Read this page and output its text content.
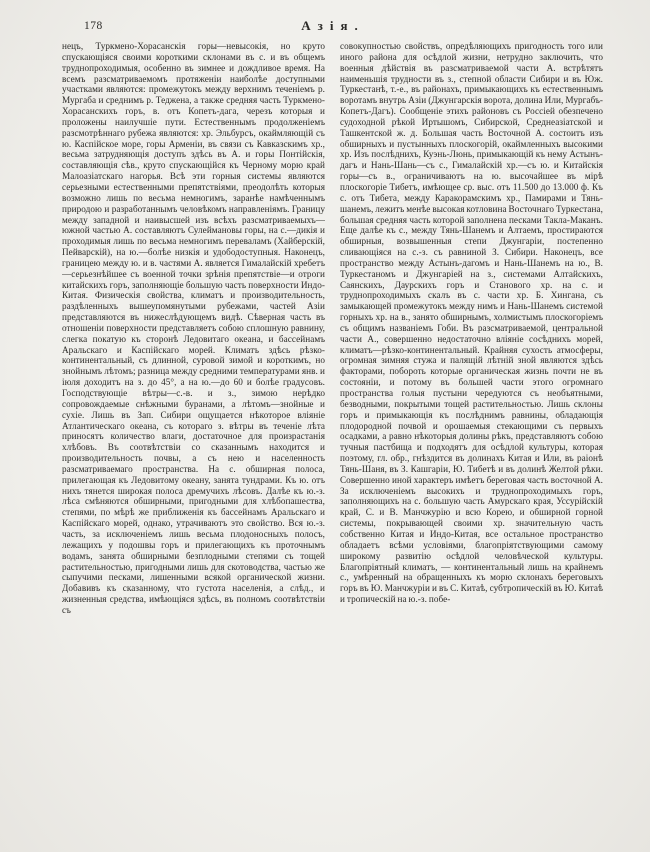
178	Азія.
нецъ, Туркмено-Хорасанскія горы—невысокія, но круто спускающіяся своими короткими склонами въ с. и въ общемъ труднопроходимыя, особенно въ зимнее и дождливое время. На всемъ разсматриваемомъ протяженіи наиболѣе доступными участками являются: промежутокъ между верхнимъ теченіемъ р. Мургаба и среднимъ р. Теджена, а также средняя часть Туркмено-Хорасанскихъ горъ, в. отъ Копетъ-дага, черезъ которыя и проложены наилучшіе пути. Естественнымъ продолженіемъ разсмотрѣннаго рубежа являются: хр. Эльбурсъ, окаймляющій съ ю. Каспійское море, горы Арменіи, въ связи съ Кавказскимъ хр., весьма затрудняющія доступъ здѣсь въ А. и горы Понтійскія, составляющія сѣв., круто спускающійся къ Черному морю край Малоазіатскаго нагорья. Всѣ эти горныя системы являются серьезными естественными препятствіями, преодолѣть которыя возможно лишь по весьма немногимъ, заранѣе намѣченнымъ природою и разработаннымъ человѣкомъ направленіямъ. Границу между западной и наивысшей изъ всѣхъ разсматриваемыхъ—южной частью А. составляютъ Сулеймановы горы, на с.—дикія и проходимыя лишь по весьма немногимъ переваламъ (Хайберскій, Пейварскій), на ю.—болѣе низкія и удободоступныя. Наконецъ, границею между ю. и в. частями А. является Гималайскій хребетъ—серьезнѣйшее съ военной точки зрѣнія препятствіе—и отроги китайскихъ горъ, заполняющіе большую часть поверхности Индо-Китая. Физическія свойства, климатъ и производительность, раздѣленныхъ вышеупомянутыми рубежами, частей Азіи представляются въ нижеслѣдующемъ видѣ. Сѣверная часть въ отношеніи поверхности представляетъ собою сплошную равнину, слегка покатую къ сторонѣ Ледовитаго океана, и бассейнамъ Аральскаго и Каспійскаго морей. Климатъ здѣсь рѣзко-континентальный, съ длинной, суровой зимой и короткимъ, но знойнымъ лѣтомъ; разница между средними температурами янв. и іюля доходитъ на з. до 45°, а на ю.—до 60 и болѣе градусовъ. Господствующіе вѣтры—с.-в. и з., зимою нерѣдко сопровождаемые снѣжными буранами, а лѣтомъ—знойные и сухіе. Лишь въ Зап. Сибири ощущается нѣкоторое вліяніе Атлантическаго океана, съ котораго з. вѣтры въ теченіе лѣта приносятъ количество влаги, достаточное для произрастанія хлѣбовъ. Въ соотвѣтствіи со сказаннымъ находится и производительность почвы, а съ нею и населенность разсматриваемаго пространства. На с. обширная полоса, прилегающая къ Ледовитому океану, занята тундрами. Къ ю. отъ нихъ тянется широкая полоса дремучихъ лѣсовъ. Далѣе къ ю.-з. лѣса смѣняются обширными, пригодными для хлѣбопашества, степями, по мѣрѣ же приближенія къ бассейнамъ Аральскаго и Каспійскаго морей, однако, утрачиваютъ это свойство. Вся ю.-з. часть, за исключеніемъ лишь весьма плодоносныхъ полосъ, лежащихъ у подошвы горъ и прилегающихъ къ проточнымъ водамъ, занята обширными безплодными степями съ тощей растительностью, пригодными лишь для скотоводства, частью же сыпучими песками, лишенными всякой органической жизни. Добавивъ къ сказанному, что густота населенія, а слѣд., и жизненныя средства, имѣющіяся здѣсь, въ полномъ соотвѣтствіи съ
совокупностью свойствъ, опредѣляющихъ пригодность того или иного района для осѣдлой жизни, нетрудно заключить, что военныя дѣйствія въ разсматриваемой части А. встрѣтятъ наименьшія трудности въ з., степной области Сибири и въ Юж. Туркестанѣ, т.-е., въ районахъ, примыкающихъ къ естественнымъ воротамъ внутрь Азіи (Джунгарскія ворота, долина Или, Мургабъ-Копетъ-Дагъ). Сообщеніе этихъ районовъ съ Россіей обезпечено судоходной рѣкой Иртышомъ, Сибирской, Среднеазіатской и Ташкентской ж. д. Большая часть Восточной А. состоитъ изъ обширныхъ и пустынныхъ плоскогорій, окаймленныхъ высокими хр. Изъ послѣднихъ, Куэнь-Люнь, примыкающій къ нему Астынъ-дагъ и Нань-Шань—съ с., Гималайскій хр.—съ ю. и Китайскія горы—съ в., ограничиваютъ на ю. высочайшее въ мірѣ плоскогоріе Тибетъ, имѣющее ср. выс. отъ 11.500 до 13.000 ф. Къ с. отъ Тибета, между Каракорамскимъ хр., Памирами и Тянь-шанемъ, лежитъ менѣе высокая котловина Восточнаго Туркестана, большая средняя часть которой заполнена песками Такла-Маканъ. Еще далѣе къ с., между Тянь-Шанемъ и Алтаемъ, простираются обширныя, возвышенныя степи Джунгаріи, постепенно сливающіяся на с.-з. съ равниной З. Сибири. Наконецъ, все пространство между Астынъ-дагомъ и Нань-Шанемъ на ю., В. Туркестаномъ и Джунгаріей на з., системами Алтайскихъ, Саянскихъ, Даурскихъ горъ и Станового хр. на с. и труднопроходимыхъ скалъ въ с. части хр. Б. Хингана, съ замыкающей промежутокъ между нимъ и Нань-Шанемъ системой горныхъ хр. на в., занято обширнымъ, холмистымъ плоскогоріемъ съ общимъ названіемъ Гоби. Въ разсматриваемой, центральной части А., совершенно недостаточно вліяніе сосѣднихъ морей, климатъ—рѣзко-континентальный. Крайняя сухость атмосферы, огромная зимняя стужа и палящій лѣтній зной являются здѣсь факторами, побороть которые органическая жизнь почти не въ состояніи, и потому въ большей части этого огромнаго пространства голыя пустыни чередуются съ необъятными, безводными, покрытыми тощей растительностью. Лишь склоны горъ и примыкающія къ послѣднимъ равнины, обладающія плодородной почвой и орошаемыя стекающими съ первыхъ осадками, а равно нѣкоторыя долины рѣкъ, представляютъ собою тучныя пастбища и подходятъ для осѣдлой культуры, которая поэтому, гл. обр., гнѣздится въ долинахъ Китая и Или, въ раіонѣ Тянь-Шаня, въ З. Кашгаріи, Ю. Тибетѣ и въ долинѣ Желтой рѣки. Совершенно иной характеръ имѣетъ береговая часть восточной А. За исключеніемъ высокихъ и труднопроходимыхъ горъ, заполняющихъ на с. большую часть Амурскаго края, Уссурійскій край, С. и В. Манчжурію и всю Корею, и обширной горной системы, покрывающей своими хр. значительную часть собственно Китая и Индо-Китая, все остальное пространство обладаетъ всѣми условіями, благопріятствующими самому широкому развитію осѣдлой человѣческой культуры. Благопріятный климатъ, — континентальный лишь на крайнемъ с., умѣренный на обращенныхъ къ морю склонахъ береговыхъ горъ въ Ю. Манчжуріи и въ С. Китаѣ, субтропическій въ Ю. Китаѣ и тропическій на ю.-з. побе-
